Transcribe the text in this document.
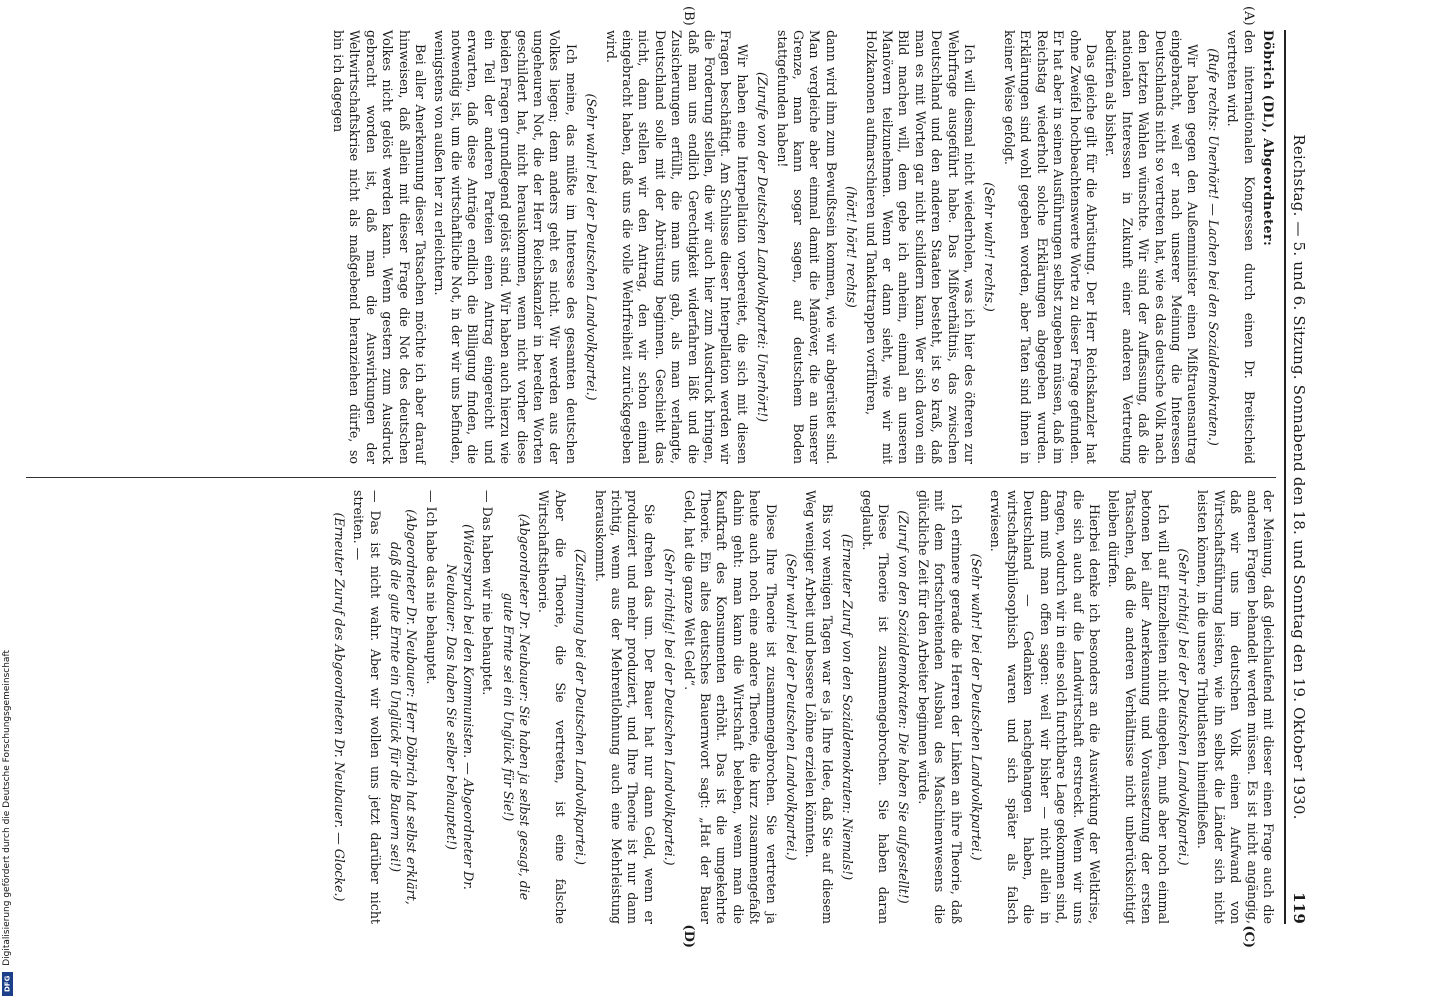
Reichstag. — 5. und 6. Sitzung. Sonnabend den 18. und Sonntag den 19. Oktober 1930.
119
(A)
(B)

Döbrich (DL), Abgeordneter:

den internationalen Kongressen durch einen Dr. Breitscheid vertreten wird.

(Rufe rechts: Unerhört! — Lachen bei den Sozialdemokraten.)

Wir haben gegen den Außenminister einen Mißtrauensantrag eingebracht, weil er nach unserer Meinung die Interessen Deutschlands nicht so vertreten hat, wie es das deutsche Volk nach den letzten Wahlen wünschte. Wir sind der Auffassung, daß die nationalen Interessen in Zukunft einer anderen Vertretung bedürfen als bisher.

Das gleiche gilt für die Abrüstung. Der Herr Reichskanzler hat ohne Zweifel hochbeachtenswerte Worte zu dieser Frage gefunden. Er hat aber in seinen Ausführungen selbst zugeben müssen, daß im Reichstag wiederholt solche Erklärungen abgegeben wurden. Erklärungen sind wohl gegeben worden, aber Taten sind ihnen in keiner Weise gefolgt.

(Sehr wahr! rechts.)

Ich will diesmal nicht wiederholen, was ich hier des öfteren zur Wehrfrage ausgeführt habe. Das Mißverhältnis, das zwischen Deutschland und den anderen Staaten besteht, ist so kraß, daß man es mit Worten gar nicht schildern kann. Wer sich davon ein Bild machen will, dem gebe ich anheim, einmal an unseren Manövern teilzunehmen. Wenn er dann sieht, wie wir mit Holzkanonen aufmarschieren und Tankattrappen vorführen,

(hört! hört! rechts)

dann wird ihm zum Bewußtsein kommen, wie wir abgerüstet sind. Man vergleiche aber einmal damit die Manöver, die an unserer Grenze, man kann sogar sagen, auf deutschem Boden stattgefunden haben!

(Zurufe von der Deutschen Landvolkpartei: Unerhört!)

Wir haben eine Interpellation vorbereitet, die sich mit diesen Fragen beschäftigt. Am Schlusse dieser Interpellation werden wir die Forderung stellen, die wir auch hier zum Ausdruck bringen, daß man uns endlich Gerechtigkeit widerfahren läßt und die Zusicherungen erfüllt, die man uns gab, als man verlangte, Deutschland solle mit der Abrüstung beginnen. Geschieht das nicht, dann stellen wir den Antrag, den wir schon einmal eingebracht haben, daß uns die volle Wehrfreiheit zurückgegeben wird.

(Sehr wahr! bei der Deutschen Landvolkpartei.)

Ich meine, das müßte im Interesse des gesamten deutschen Volkes liegen; denn anders geht es nicht. Wir werden aus der ungeheuren Not, die der Herr Reichskanzler in beredten Worten geschildert hat, nicht herauskommen, wenn nicht vorher diese beiden Fragen grundlegend gelöst sind. Wir haben auch hierzu wie ein Teil der anderen Parteien einen Antrag eingereicht und erwarten, daß diese Anträge endlich die Billigung finden, die notwendig ist, um die wirtschaftliche Not, in der wir uns befinden, wenigstens von außen her zu erleichtern.

Bei aller Anerkennung dieser Tatsachen möchte ich aber darauf hinweisen, daß allein mit dieser Frage die Not des deutschen Volkes nicht gelöst werden kann. Wenn gestern zum Ausdruck gebracht worden ist, daß man die Auswirkungen der Weltwirtschaftskrise nicht als maßgebend heranziehen dürfe, so bin ich dagegen

(C)
(D)

der Meinung, daß gleichlaufend mit dieser einen Frage auch die anderen Fragen behandelt werden müssen. Es ist nicht angängig, daß wir uns im deutschen Volk einen Aufwand von Wirtschaftsführung leisten, wie ihn selbst die Länder sich nicht leisten können, in die unsere Tributlasten hineinfließen.

(Sehr richtig! bei der Deutschen Landvolkpartei.)

Ich will auf Einzelheiten nicht eingehen, muß aber noch einmal betonen bei aller Anerkennung und Voraussetzung der ersten Tatsachen, daß die anderen Verhältnisse nicht unberücksichtigt bleiben dürfen.

Hierbei denke ich besonders an die Auswirkung der Weltkrise, die sich auch auf die Landwirtschaft erstreckt. Wenn wir uns fragen, wodurch wir in eine solch furchtbare Lage gekommen sind, dann muß man offen sagen: weil wir bisher — nicht allein in Deutschland — Gedanken nachgehangen haben, die wirtschaftsphilosophisch waren und sich später als falsch erwiesen.

(Sehr wahr! bei der Deutschen Landvolkpartei.)

Ich erinnere gerade die Herren der Linken an ihre Theorie, daß mit dem fortschreitenden Ausbau des Maschinenwesens die glückliche Zeit für den Arbeiter beginnen würde.

(Zuruf von den Sozialdemokraten: Die haben Sie aufgestellt!)

Diese Theorie ist zusammengebrochen. Sie haben daran geglaubt.

(Erneuter Zuruf von den Sozialdemokraten: Niemals!)

Bis vor wenigen Tagen war es ja Ihre Idee, daß Sie auf diesem Weg weniger Arbeit und bessere Löhne erzielen könnten.

(Sehr wahr! bei der Deutschen Landvolkpartei.)

Diese Ihre Theorie ist zusammengebrochen. Sie vertreten ja heute auch noch eine andere Theorie, die kurz zusammengefaßt dahin geht: man kann die Wirtschaft beleben, wenn man die Kaufkraft des Konsumenten erhöht. Das ist die umgekehrte Theorie. Ein altes deutsches Bauernwort sagt: „Hat der Bauer Geld, hat die ganze Welt Geld“.

(Sehr richtig! bei der Deutschen Landvolkpartei.)

Sie drehen das um. Der Bauer hat nur dann Geld, wenn er produziert und mehr produziert, und Ihre Theorie ist nur dann richtig, wenn aus der Mehrentlohnung auch eine Mehrleistung herauskommt.

(Zustimmung bei der Deutschen Landvolkpartei.)

Aber die Theorie, die Sie vertreten, ist eine falsche Wirtschaftstheorie.

(Abgeordneter Dr. Neubauer: Sie haben ja selbst gesagt, die gute Ernte sei ein Unglück für Sie!)

— Das haben wir nie behauptet.

(Widerspruch bei den Kommunisten. — Abgeordneter Dr. Neubauer: Das haben Sie selber behauptet!)

— Ich habe das nie behauptet.

(Abgeordneter Dr. Neubauer: Herr Döbrich hat selbst erklärt, daß die gute Ernte ein Unglück für die Bauern sei!)

— Das ist nicht wahr. Aber wir wollen uns jetzt darüber nicht streiten. —

(Erneuter Zuruf des Abgeordneten Dr. Neubauer. — Glocke.)

Digitalisierung gefördert durch die Deutsche Forschungsgemeinschaft
DFG
